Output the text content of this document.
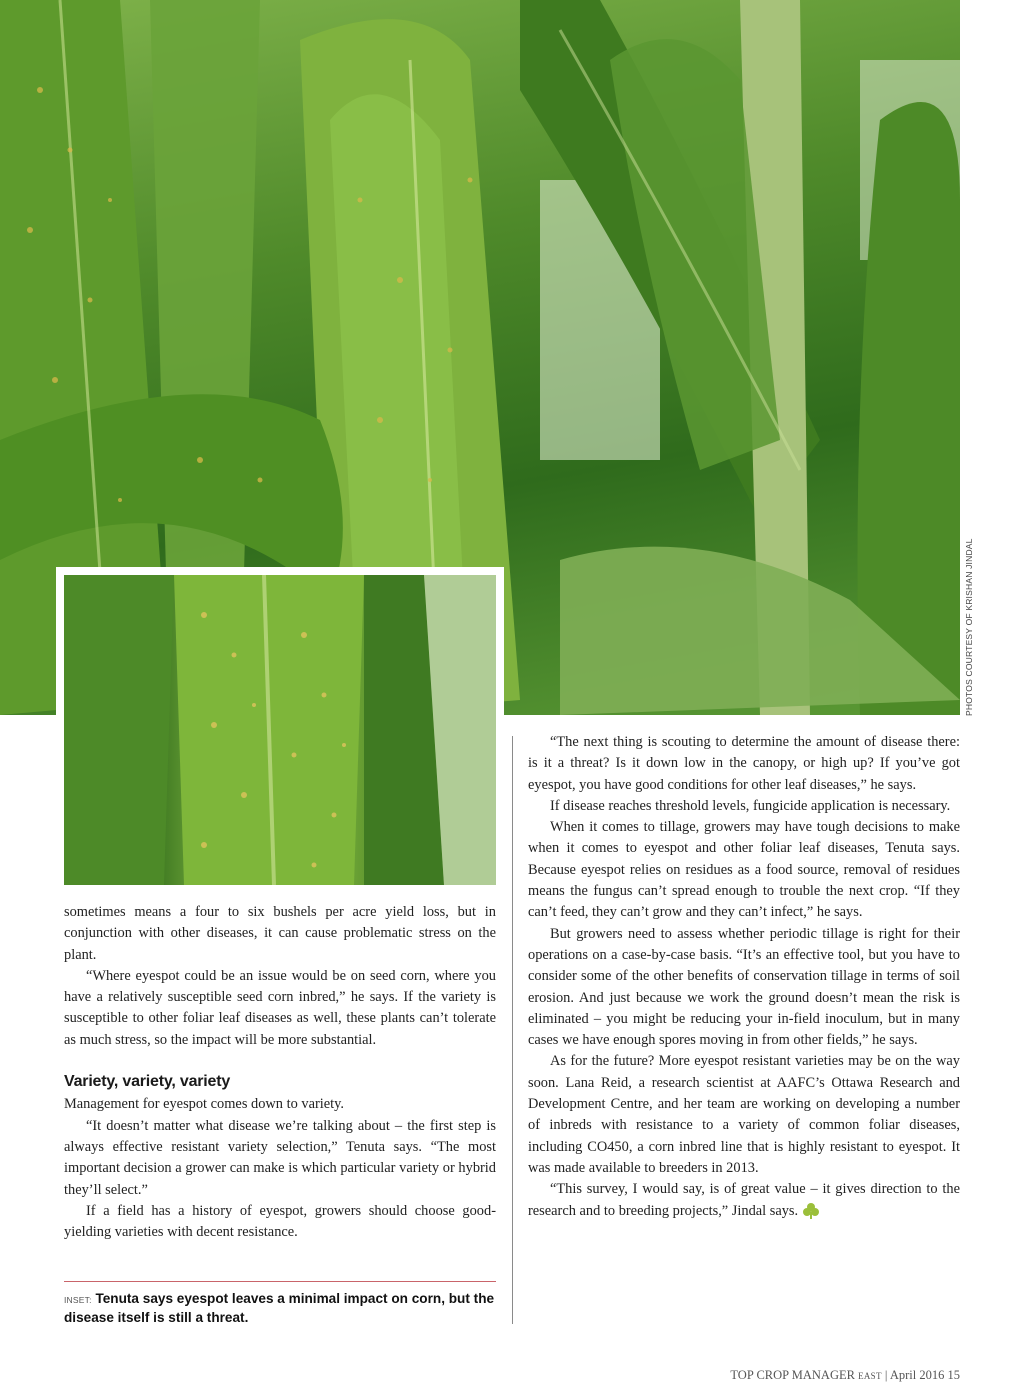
PHOTOS COURTESY OF KRISHAN JINDAL

sometimes means a four to six bushels per acre yield loss, but in conjunction with other diseases, it can cause problematic stress on the plant.

“Where eyespot could be an issue would be on seed corn, where you have a relatively susceptible seed corn inbred,” he says. If the variety is susceptible to other foliar leaf diseases as well, these plants can’t tolerate as much stress, so the impact will be more substantial.

Variety, variety, variety

Management for eyespot comes down to variety.

“It doesn’t matter what disease we’re talking about – the first step is always effective resistant variety selection,” Tenuta says. “The most important decision a grower can make is which particular variety or hybrid they’ll select.”

If a field has a history of eyespot, growers should choose good-yielding varieties with decent resistance.

INSET: Tenuta says eyespot leaves a minimal impact on corn, but the disease itself is still a threat.

“The next thing is scouting to determine the amount of disease there: is it a threat? Is it down low in the canopy, or high up? If you’ve got eyespot, you have good conditions for other leaf diseases,” he says.

If disease reaches threshold levels, fungicide application is necessary.

When it comes to tillage, growers may have tough decisions to make when it comes to eyespot and other foliar leaf diseases, Tenuta says. Because eyespot relies on residues as a food source, removal of residues means the fungus can’t spread enough to trouble the next crop. “If they can’t feed, they can’t grow and they can’t infect,” he says.

But growers need to assess whether periodic tillage is right for their operations on a case-by-case basis. “It’s an effective tool, but you have to consider some of the other benefits of conservation tillage in terms of soil erosion. And just because we work the ground doesn’t mean the risk is eliminated – you might be reducing your in-field inoculum, but in many cases we have enough spores moving in from other fields,” he says.

As for the future? More eyespot resistant varieties may be on the way soon. Lana Reid, a research scientist at AAFC’s Ottawa Research and Development Centre, and her team are working on developing a number of inbreds with resistance to a variety of common foliar diseases, including CO450, a corn inbred line that is highly resistant to eyespot. It was made available to breeders in 2013.

“This survey, I would say, is of great value – it gives direction to the research and to breeding projects,” Jindal says.

TOP CROP MANAGER EAST | April 2016 15
